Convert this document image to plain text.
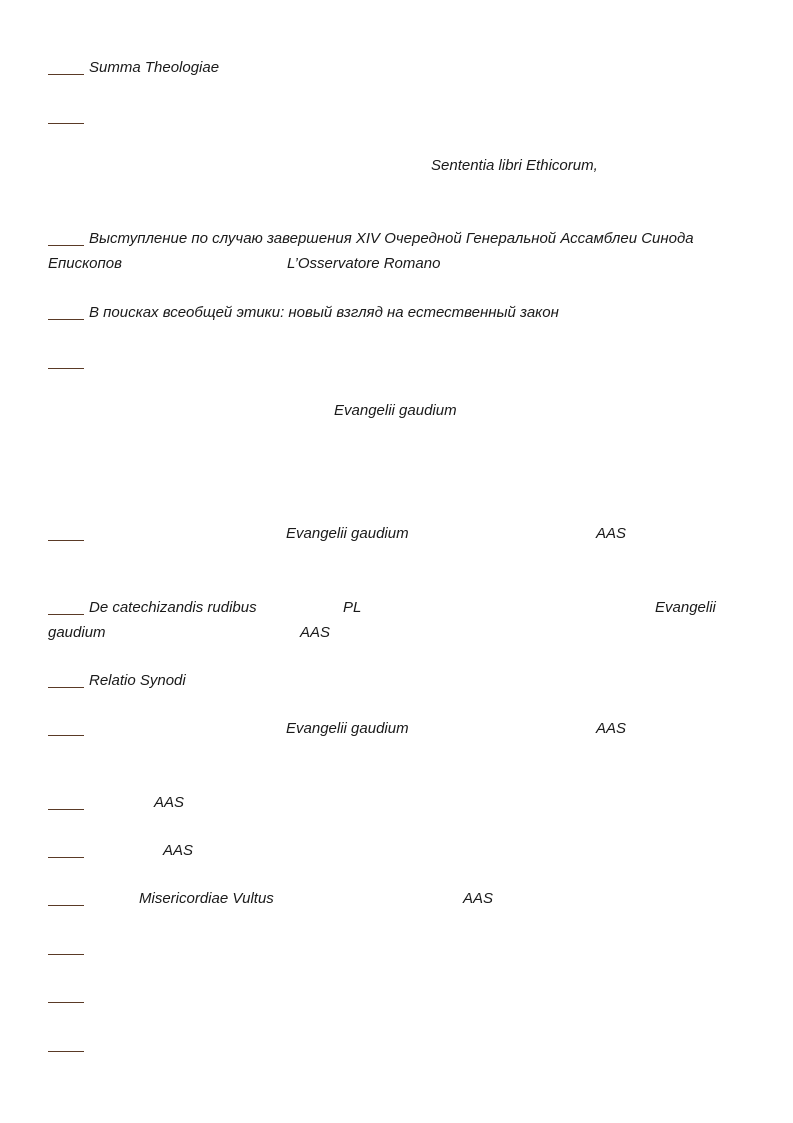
Summa Theologiae
Sententia libri Ethicorum,
Выступление по случаю завершения XIV Очередной Генеральной Ассамблеи Синода
Епископов	L’Osservatore Romano
В поисках всеобщей этики: новый взгляд на естественный закон
Evangelii gaudium
Evangelii gaudium	AAS
De catechizandis rudibus	PL	Evangelii
gaudium	AAS
Relatio Synodi
Evangelii gaudium	AAS
AAS
AAS
Misericordiae Vultus	AAS
